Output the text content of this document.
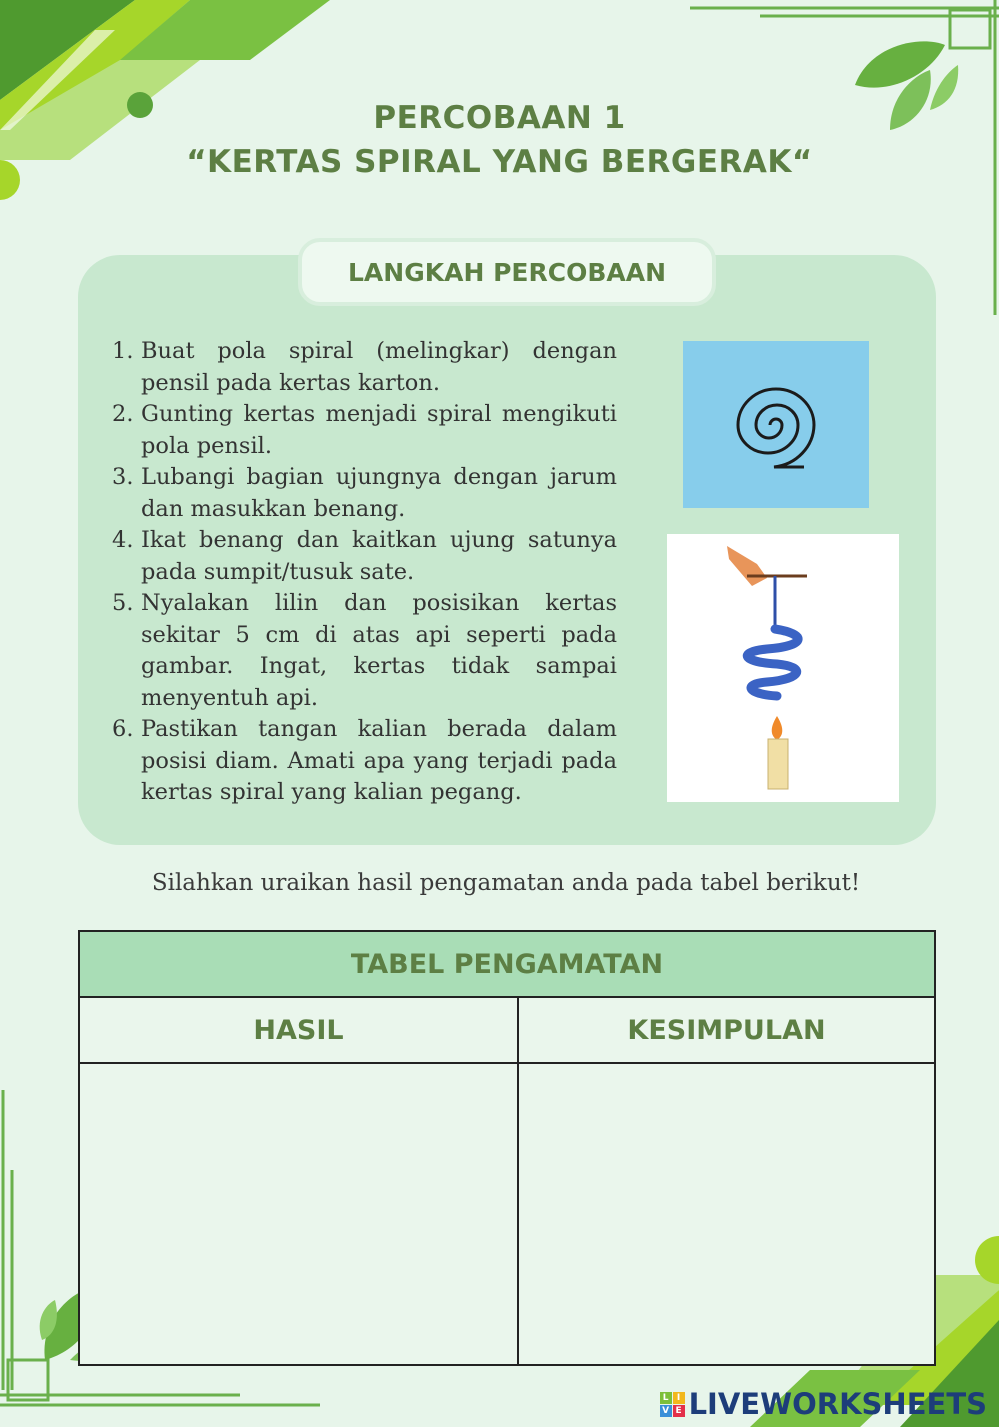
PERCOBAAN 1
“KERTAS SPIRAL YANG BERGERAK“
LANGKAH PERCOBAAN
1. Buat pola spiral (melingkar) dengan pensil pada kertas karton.
2. Gunting kertas menjadi spiral mengikuti pola pensil.
3. Lubangi bagian ujungnya dengan jarum dan masukkan benang.
4. Ikat benang dan kaitkan ujung satunya pada sumpit/tusuk sate.
5. Nyalakan lilin dan posisikan kertas sekitar 5 cm di atas api seperti pada gambar. Ingat, kertas tidak sampai menyentuh api.
6. Pastikan tangan kalian berada dalam posisi diam. Amati apa yang terjadi pada kertas spiral yang kalian pegang.
Silahkan uraikan hasil pengamatan anda pada tabel berikut!
TABEL PENGAMATAN	
HASIL	KESIMPULAN

L I
V E LIVEWORKSHEETS
